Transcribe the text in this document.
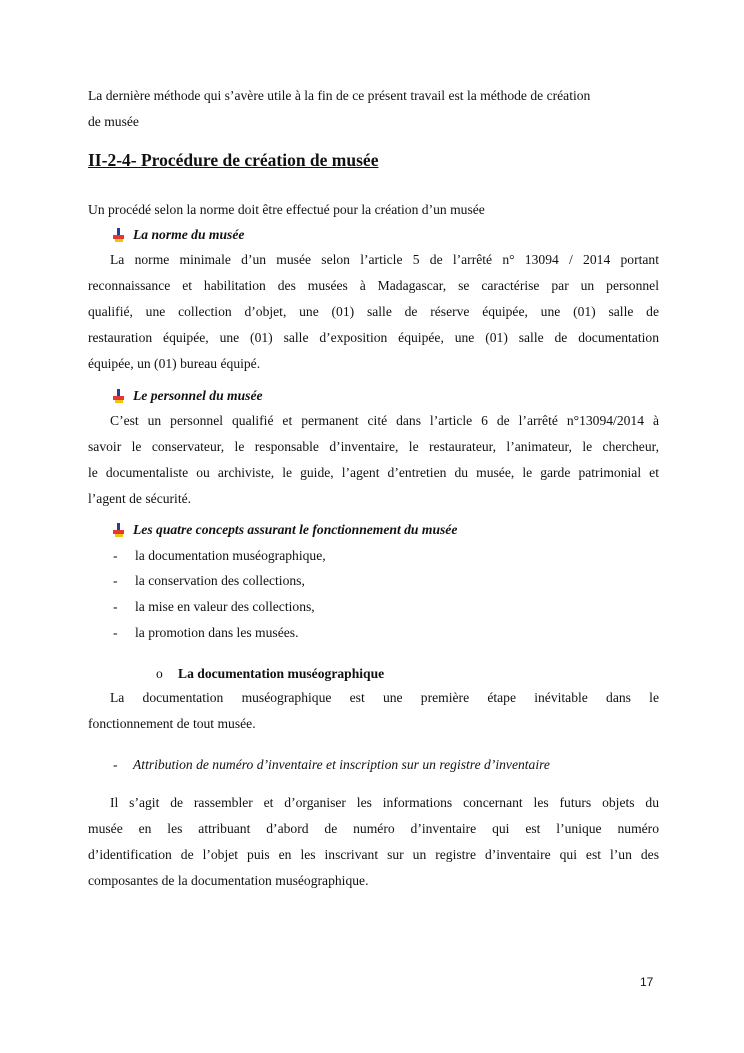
La dernière méthode qui s’avère utile à la fin de ce présent travail est la méthode de création
de musée
II-2-4- Procédure de création de musée
Un procédé selon la norme doit être effectué pour la création d’un musée
La norme du musée
La norme minimale d’un musée selon l’article 5 de l’arrêté n° 13094 / 2014 portant
reconnaissance et habilitation des musées à Madagascar, se caractérise par un personnel
qualifié, une collection d’objet, une (01) salle de réserve équipée, une (01) salle de
restauration équipée, une (01) salle d’exposition équipée, une (01) salle de documentation
équipée, un (01) bureau équipé.
Le personnel du musée
C’est un personnel qualifié et permanent cité dans l’article 6 de l’arrêté n°13094/2014 à
savoir le conservateur, le responsable d’inventaire, le restaurateur, l’animateur, le chercheur,
le documentaliste ou archiviste, le guide, l’agent d’entretien du musée, le garde patrimonial et
l’agent de sécurité.
Les quatre concepts assurant le fonctionnement du musée
- la documentation muséographique,
- la conservation des collections,
- la mise en valeur des collections,
- la promotion dans les musées.
o La documentation muséographique
La documentation muséographique est une première étape inévitable dans le
fonctionnement de tout musée.
- Attribution de numéro d’inventaire et inscription sur un registre d’inventaire
Il s’agit de rassembler et d’organiser les informations concernant les futurs objets du
musée en les attribuant d’abord de numéro d’inventaire qui est l’unique numéro
d’identification de l’objet puis en les inscrivant sur un registre d’inventaire qui est l’un des
composantes de la documentation muséographique.
17
